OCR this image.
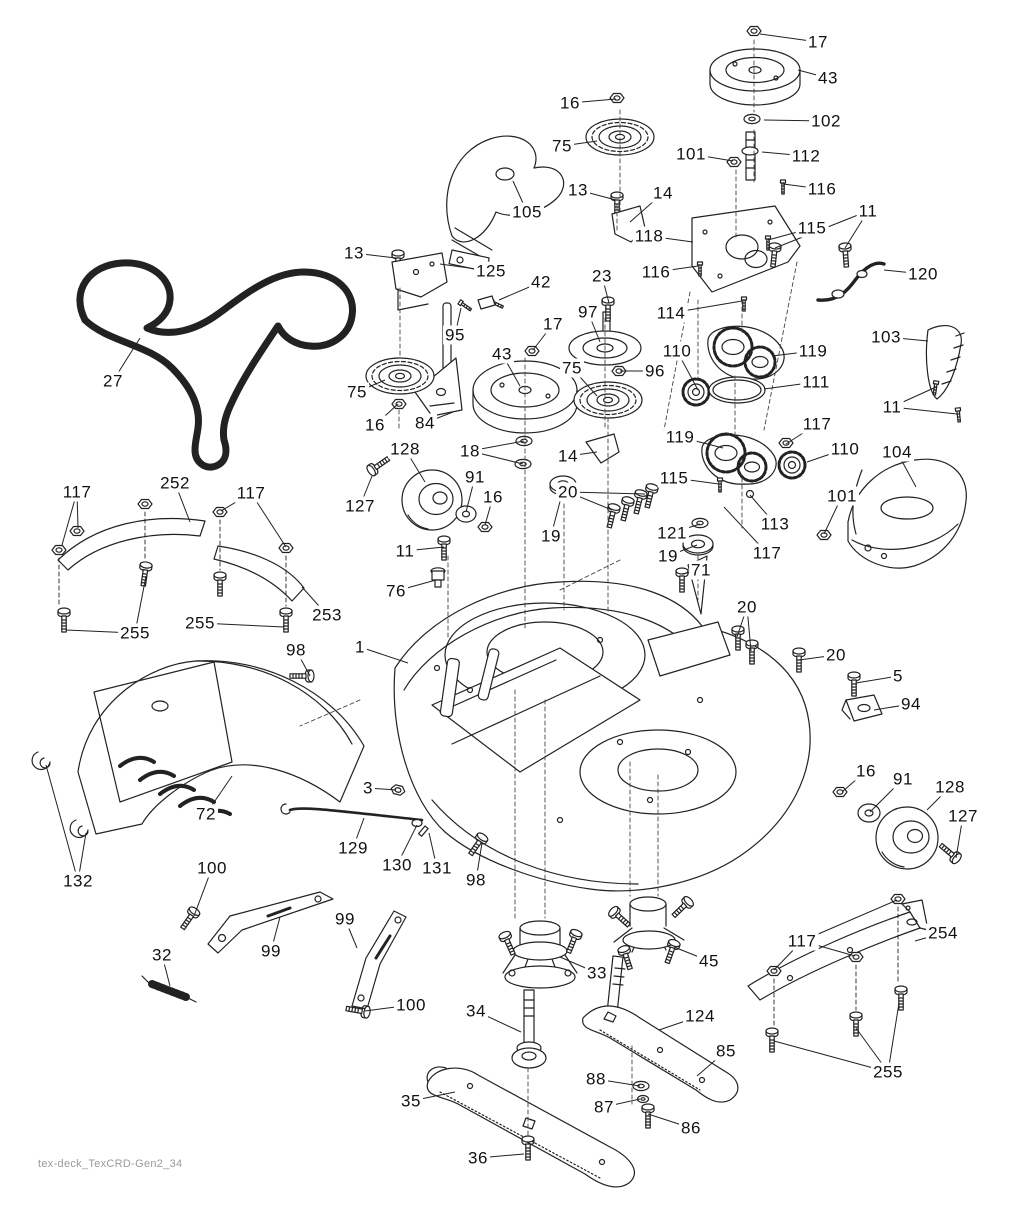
tex-deck_TexCRD-Gen2_34
17
43
102
112
101
116
11
115
118
116	120
16
75
105
13	14
13
125
42 23
97	114
95
17
43
75	96
110	119
111
103
11
27
75
16 84
128 18
91
16
14
127
19
119
117
110 104
115
101
20
121	113
19	117
71
11
76
117	252
117
253
255
255
98	1
20
20
5
94
72
3
129
130 131
98
132
16 91 128
127
100
99
32
99
100
33
45
34	124
85
88
87
86
35
36
117	254
255
